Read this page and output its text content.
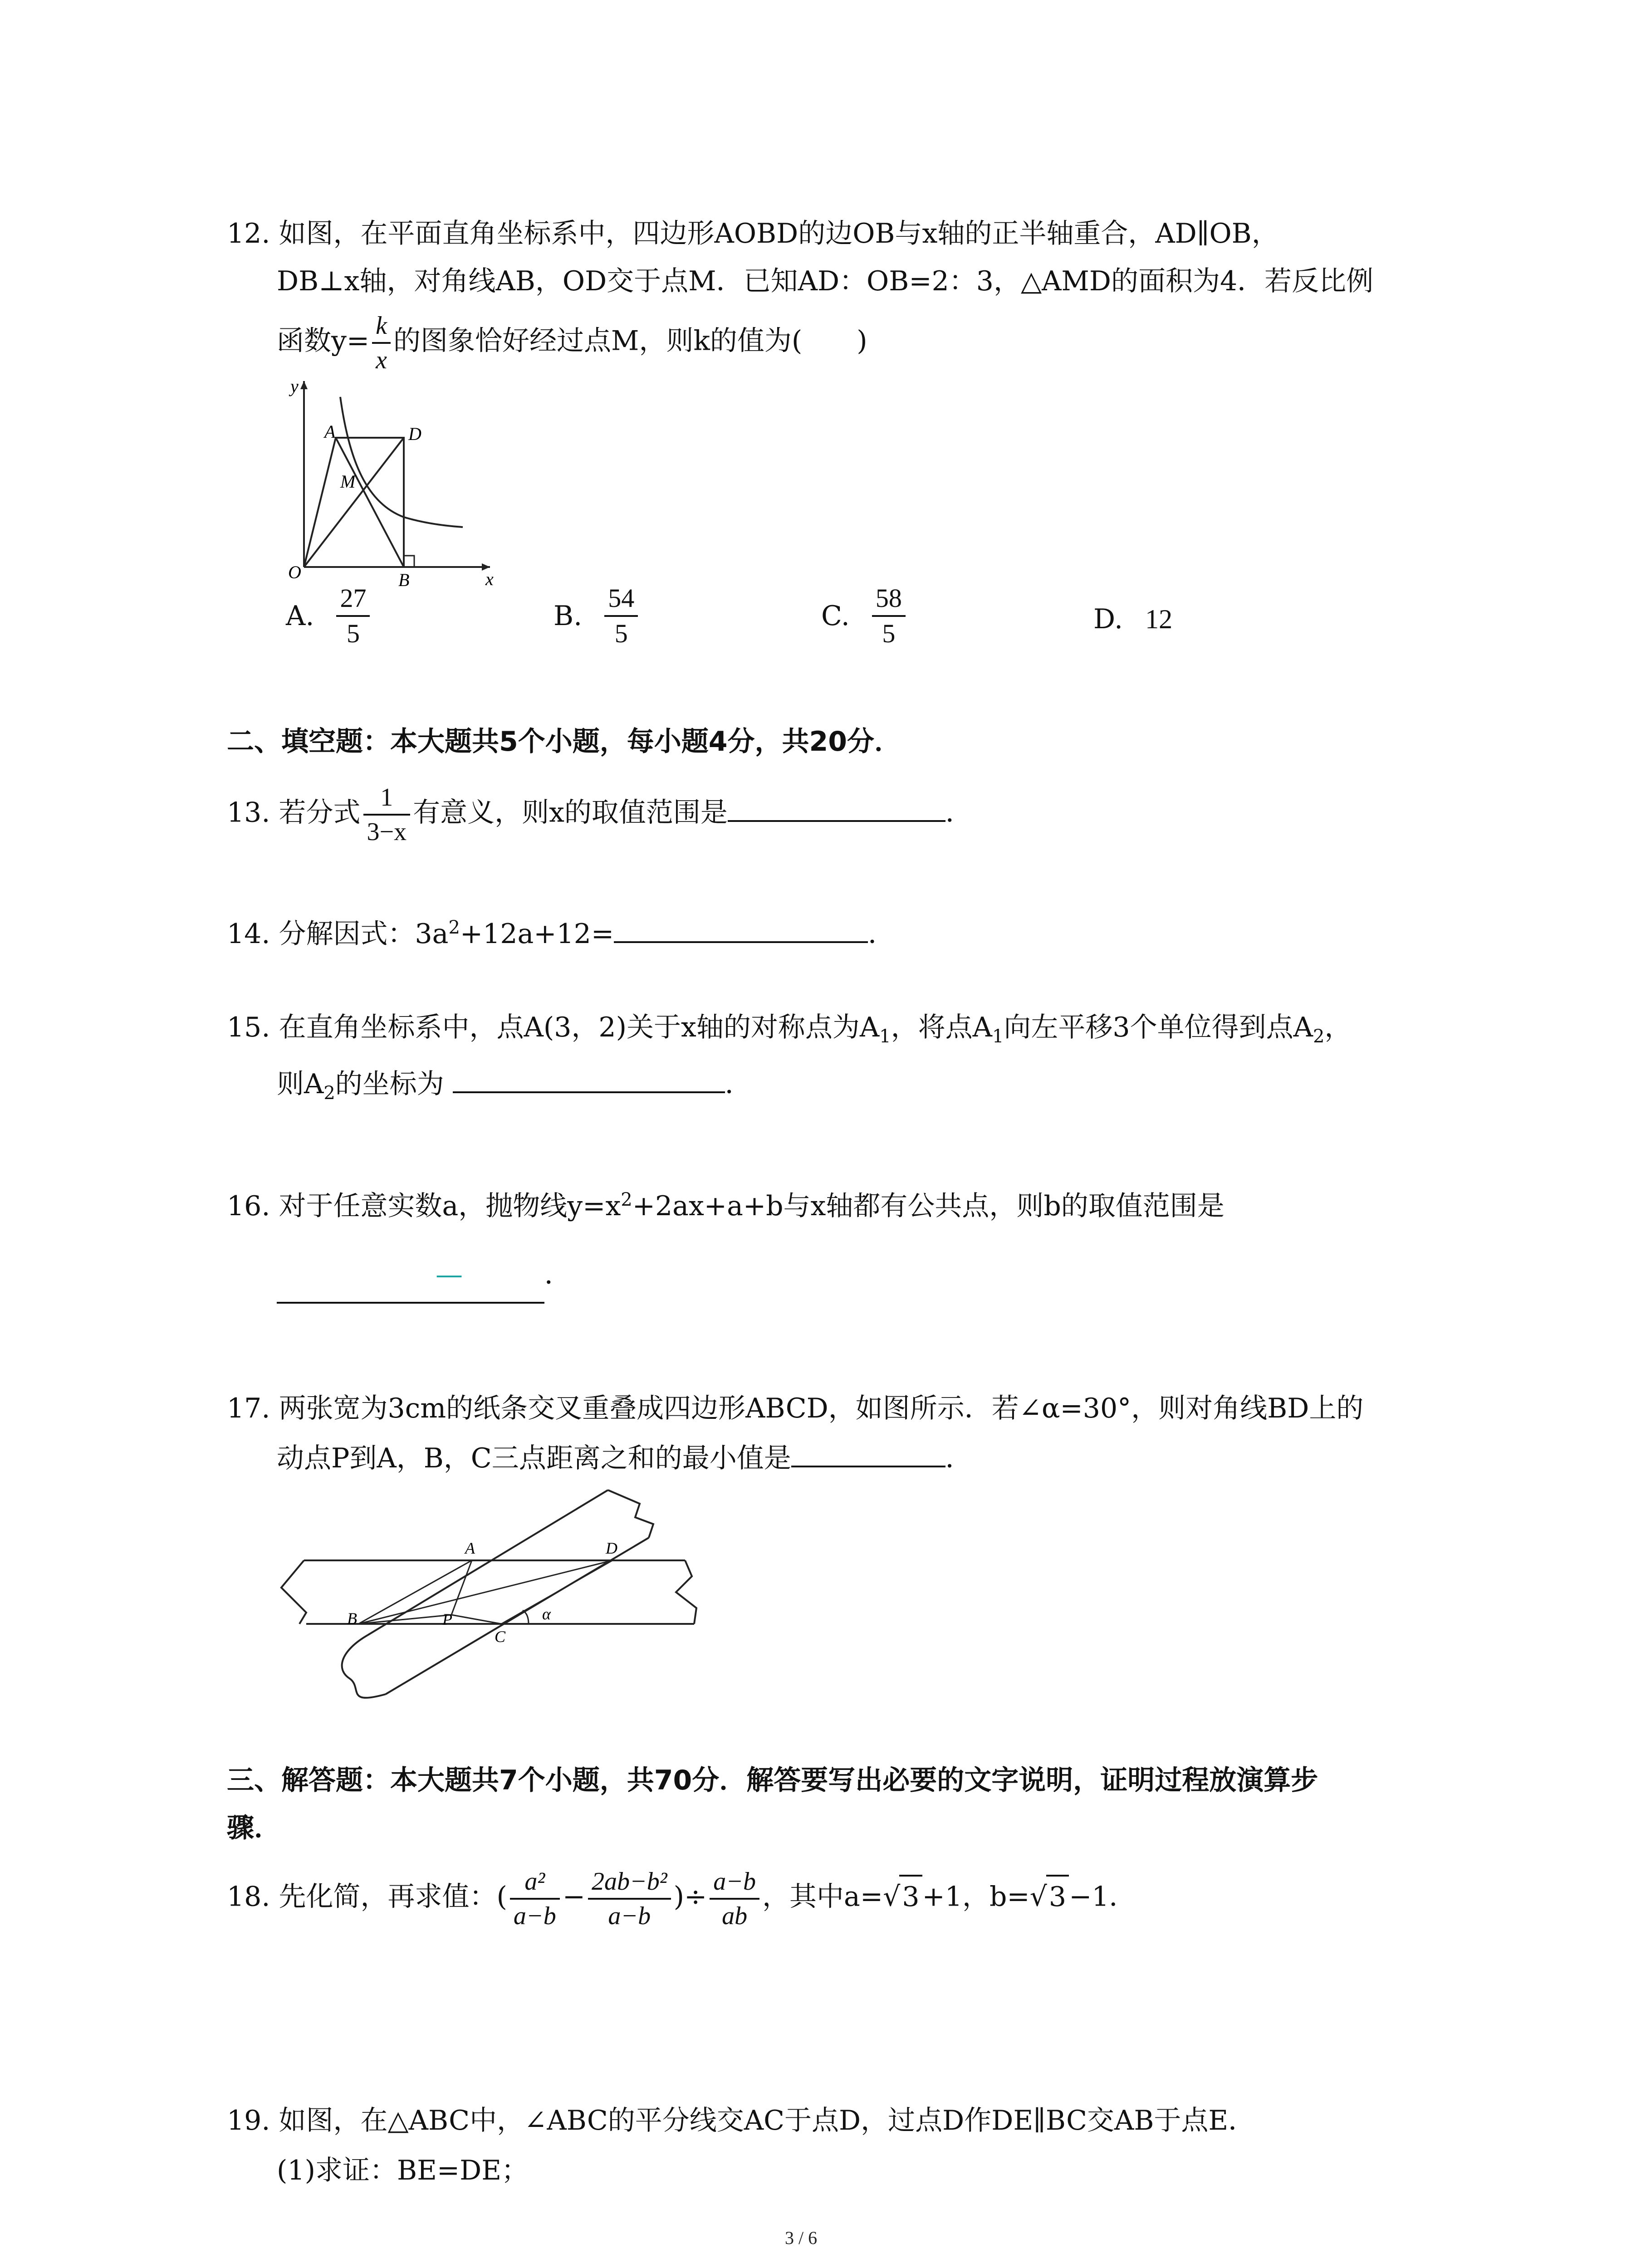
12. 如图，在平面直角坐标系中，四边形AOBD的边OB与x轴的正半轴重合，AD∥OB，
DB⊥x轴，对角线AB，OD交于点M．已知AD：OB=2：3，△AMD的面积为4．若反比例
函数$y= \frac{k}{x}$ 的图象恰好经过点M，则k的值为(　　)
y
x
A	D
M
O	B
A. $\frac{27}{5}$	B. $\frac{54}{5}$	C. $\frac{58}{5}$	D. 12
二、填空题：本大题共5个小题，每小题4分，共20分．
13. 若分式 $\frac{1}{3-x}$ 有意义，则x的取值范围是	．
14. 分解因式：$3a^2+12a+12=$	．
15. 在直角坐标系中，点A(3，2)关于x轴的对称点为$A_1$，将点$A_1$向左平移3个单位得到点$A_2$，
则$A_2$的坐标为	．
16. 对于任意实数a，抛物线$y=x^2+2ax+a+b$与x轴都有公共点，则b的取值范围是
—	．
17. 两张宽为3cm的纸条交叉重叠成四边形ABCD，如图所示．若∠α=30°，则对角线BD上的
动点P到A，B，C三点距离之和的最小值是	．
A	D
B	P
C
α
三、解答题：本大题共7个小题，共70分．解答要写出必要的文字说明，证明过程放演算步
骤．
18. 先化简，再求值：( $\frac{\text{a²}}{a-b} - \frac{\text{2ab−b²}}{a-b}$ )÷ $\frac{a-b}{ab}$ ，其中a=√3 +1，b=√3 −1．
19. 如图，在△ABC中，∠ABC的平分线交AC于点D，过点D作DE∥BC交AB于点E．
(1)求证：BE=DE；
3 / 6
